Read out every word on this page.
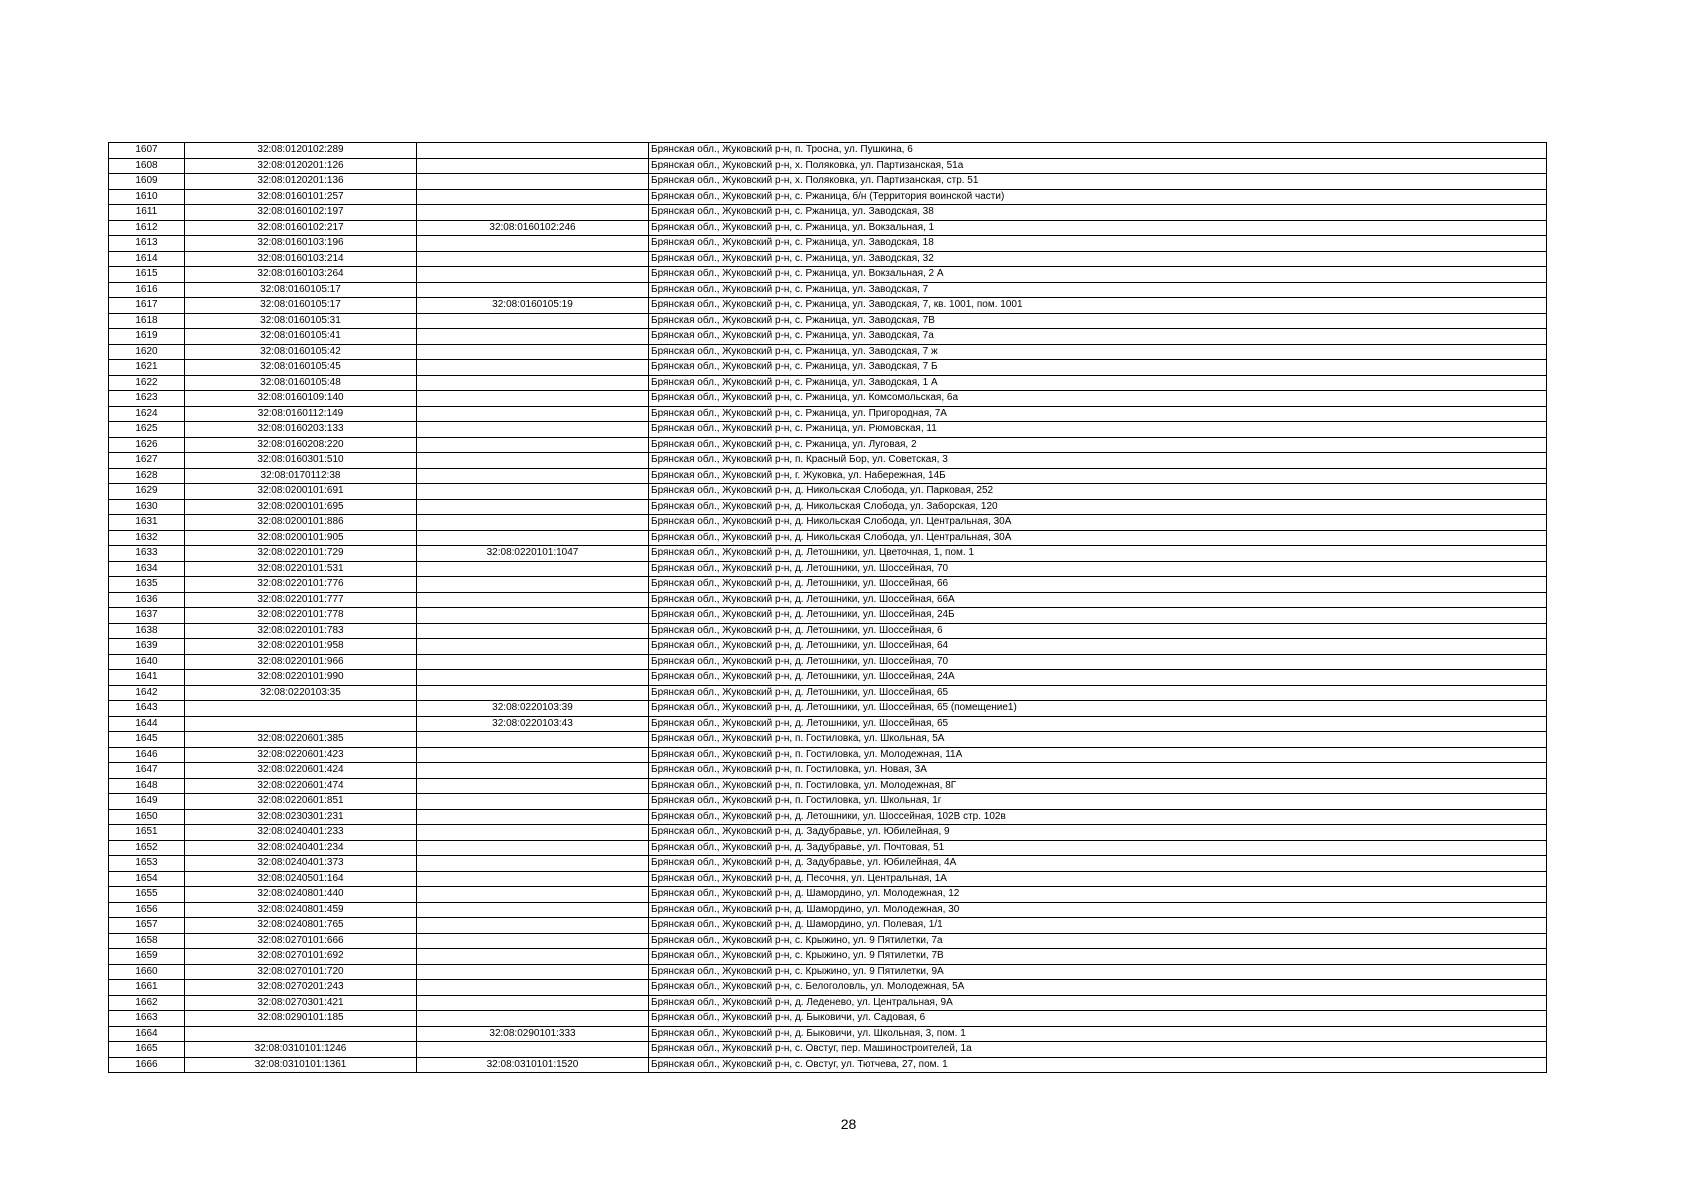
1607	32:08:0120102:289		Брянская обл., Жуковский р-н, п. Тросна, ул. Пушкина, 6
1608	32:08:0120201:126		Брянская обл., Жуковский р-н, х. Поляковка, ул. Партизанская, 51а
1609	32:08:0120201:136		Брянская обл., Жуковский р-н, х. Поляковка, ул. Партизанская, стр. 51
1610	32:08:0160101:257		Брянская обл., Жуковский р-н, с. Ржаница, б/н (Территория воинской части)
1611	32:08:0160102:197		Брянская обл., Жуковский р-н, с. Ржаница, ул. Заводская, 38
1612	32:08:0160102:217	32:08:0160102:246	Брянская обл., Жуковский р-н, с. Ржаница, ул. Вокзальная, 1
1613	32:08:0160103:196		Брянская обл., Жуковский р-н, с. Ржаница, ул. Заводская, 18
1614	32:08:0160103:214		Брянская обл., Жуковский р-н, с. Ржаница, ул. Заводская, 32
1615	32:08:0160103:264		Брянская обл., Жуковский р-н, с. Ржаница, ул. Вокзальная, 2 А
1616	32:08:0160105:17		Брянская обл., Жуковский р-н, с. Ржаница, ул. Заводская, 7
1617	32:08:0160105:17	32:08:0160105:19	Брянская обл., Жуковский р-н, с. Ржаница, ул. Заводская, 7, кв. 1001, пом. 1001
1618	32:08:0160105:31		Брянская обл., Жуковский р-н, с. Ржаница, ул. Заводская, 7В
1619	32:08:0160105:41		Брянская обл., Жуковский р-н, с. Ржаница, ул. Заводская, 7а
1620	32:08:0160105:42		Брянская обл., Жуковский р-н, с. Ржаница, ул. Заводская, 7 ж
1621	32:08:0160105:45		Брянская обл., Жуковский р-н, с. Ржаница, ул. Заводская, 7 Б
1622	32:08:0160105:48		Брянская обл., Жуковский р-н, с. Ржаница, ул. Заводская, 1 А
1623	32:08:0160109:140		Брянская обл., Жуковский р-н, с. Ржаница, ул. Комсомольская, 6а
1624	32:08:0160112:149		Брянская обл., Жуковский р-н, с. Ржаница, ул. Пригородная, 7А
1625	32:08:0160203:133		Брянская обл., Жуковский р-н, с. Ржаница, ул. Рюмовская, 11
1626	32:08:0160208:220		Брянская обл., Жуковский р-н, с. Ржаница, ул. Луговая, 2
1627	32:08:0160301:510		Брянская обл., Жуковский р-н, п. Красный Бор, ул. Советская, 3
1628	32:08:0170112:38		Брянская обл., Жуковский р-н, г. Жуковка, ул. Набережная, 14Б
1629	32:08:0200101:691		Брянская обл., Жуковский р-н, д. Никольская Слобода, ул. Парковая, 252
1630	32:08:0200101:695		Брянская обл., Жуковский р-н, д. Никольская Слобода, ул. Заборская, 120
1631	32:08:0200101:886		Брянская обл., Жуковский р-н, д. Никольская Слобода, ул. Центральная, 30А
1632	32:08:0200101:905		Брянская обл., Жуковский р-н, д. Никольская Слобода, ул. Центральная, 30А
1633	32:08:0220101:729	32:08:0220101:1047	Брянская обл., Жуковский р-н, д. Летошники, ул. Цветочная, 1, пом. 1
1634	32:08:0220101:531		Брянская обл., Жуковский р-н, д. Летошники, ул. Шоссейная, 70
1635	32:08:0220101:776		Брянская обл., Жуковский р-н, д. Летошники, ул. Шоссейная, 66
1636	32:08:0220101:777		Брянская обл., Жуковский р-н, д. Летошники, ул. Шоссейная, 66А
1637	32:08:0220101:778		Брянская обл., Жуковский р-н, д. Летошники, ул. Шоссейная, 24Б
1638	32:08:0220101:783		Брянская обл., Жуковский р-н, д. Летошники, ул. Шоссейная, 6
1639	32:08:0220101:958		Брянская обл., Жуковский р-н, д. Летошники, ул. Шоссейная, 64
1640	32:08:0220101:966		Брянская обл., Жуковский р-н, д. Летошники, ул. Шоссейная, 70
1641	32:08:0220101:990		Брянская обл., Жуковский р-н, д. Летошники, ул. Шоссейная, 24А
1642	32:08:0220103:35		Брянская обл., Жуковский р-н, д. Летошники, ул. Шоссейная, 65
1643		32:08:0220103:39	Брянская обл., Жуковский р-н, д. Летошники, ул. Шоссейная, 65 (помещение1)
1644		32:08:0220103:43	Брянская обл., Жуковский р-н, д. Летошники, ул. Шоссейная, 65
1645	32:08:0220601:385		Брянская обл., Жуковский р-н, п. Гостиловка, ул. Школьная, 5А
1646	32:08:0220601:423		Брянская обл., Жуковский р-н, п. Гостиловка, ул. Молодежная, 11А
1647	32:08:0220601:424		Брянская обл., Жуковский р-н, п. Гостиловка, ул. Новая, 3А
1648	32:08:0220601:474		Брянская обл., Жуковский р-н, п. Гостиловка, ул. Молодежная, 8Г
1649	32:08:0220601:851		Брянская обл., Жуковский р-н, п. Гостиловка, ул. Школьная, 1г
1650	32:08:0230301:231		Брянская обл., Жуковский р-н, д. Летошники, ул. Шоссейная, 102В стр. 102в
1651	32:08:0240401:233		Брянская обл., Жуковский р-н, д. Задубравье, ул. Юбилейная, 9
1652	32:08:0240401:234		Брянская обл., Жуковский р-н, д. Задубравье, ул. Почтовая, 51
1653	32:08:0240401:373		Брянская обл., Жуковский р-н, д. Задубравье, ул. Юбилейная, 4А
1654	32:08:0240501:164		Брянская обл., Жуковский р-н, д. Песочня, ул. Центральная, 1А
1655	32:08:0240801:440		Брянская обл., Жуковский р-н, д. Шамордино, ул. Молодежная, 12
1656	32:08:0240801:459		Брянская обл., Жуковский р-н, д. Шамордино, ул. Молодежная, 30
1657	32:08:0240801:765		Брянская обл., Жуковский р-н, д. Шамордино, ул. Полевая, 1/1
1658	32:08:0270101:666		Брянская обл., Жуковский р-н, с. Крыжино, ул. 9 Пятилетки, 7а
1659	32:08:0270101:692		Брянская обл., Жуковский р-н, с. Крыжино, ул. 9 Пятилетки, 7В
1660	32:08:0270101:720		Брянская обл., Жуковский р-н, с. Крыжино, ул. 9 Пятилетки, 9А
1661	32:08:0270201:243		Брянская обл., Жуковский р-н, с. Белоголовль, ул. Молодежная, 5А
1662	32:08:0270301:421		Брянская обл., Жуковский р-н, д. Леденево, ул. Центральная, 9А
1663	32:08:0290101:185		Брянская обл., Жуковский р-н, д. Быковичи, ул. Садовая, 6
1664		32:08:0290101:333	Брянская обл., Жуковский р-н, д. Быковичи, ул. Школьная, 3, пом. 1
1665	32:08:0310101:1246		Брянская обл., Жуковский р-н, с. Овстуг, пер. Машиностроителей, 1а
1666	32:08:0310101:1361	32:08:0310101:1520	Брянская обл., Жуковский р-н, с. Овстуг, ул. Тютчева, 27, пом. 1
28
